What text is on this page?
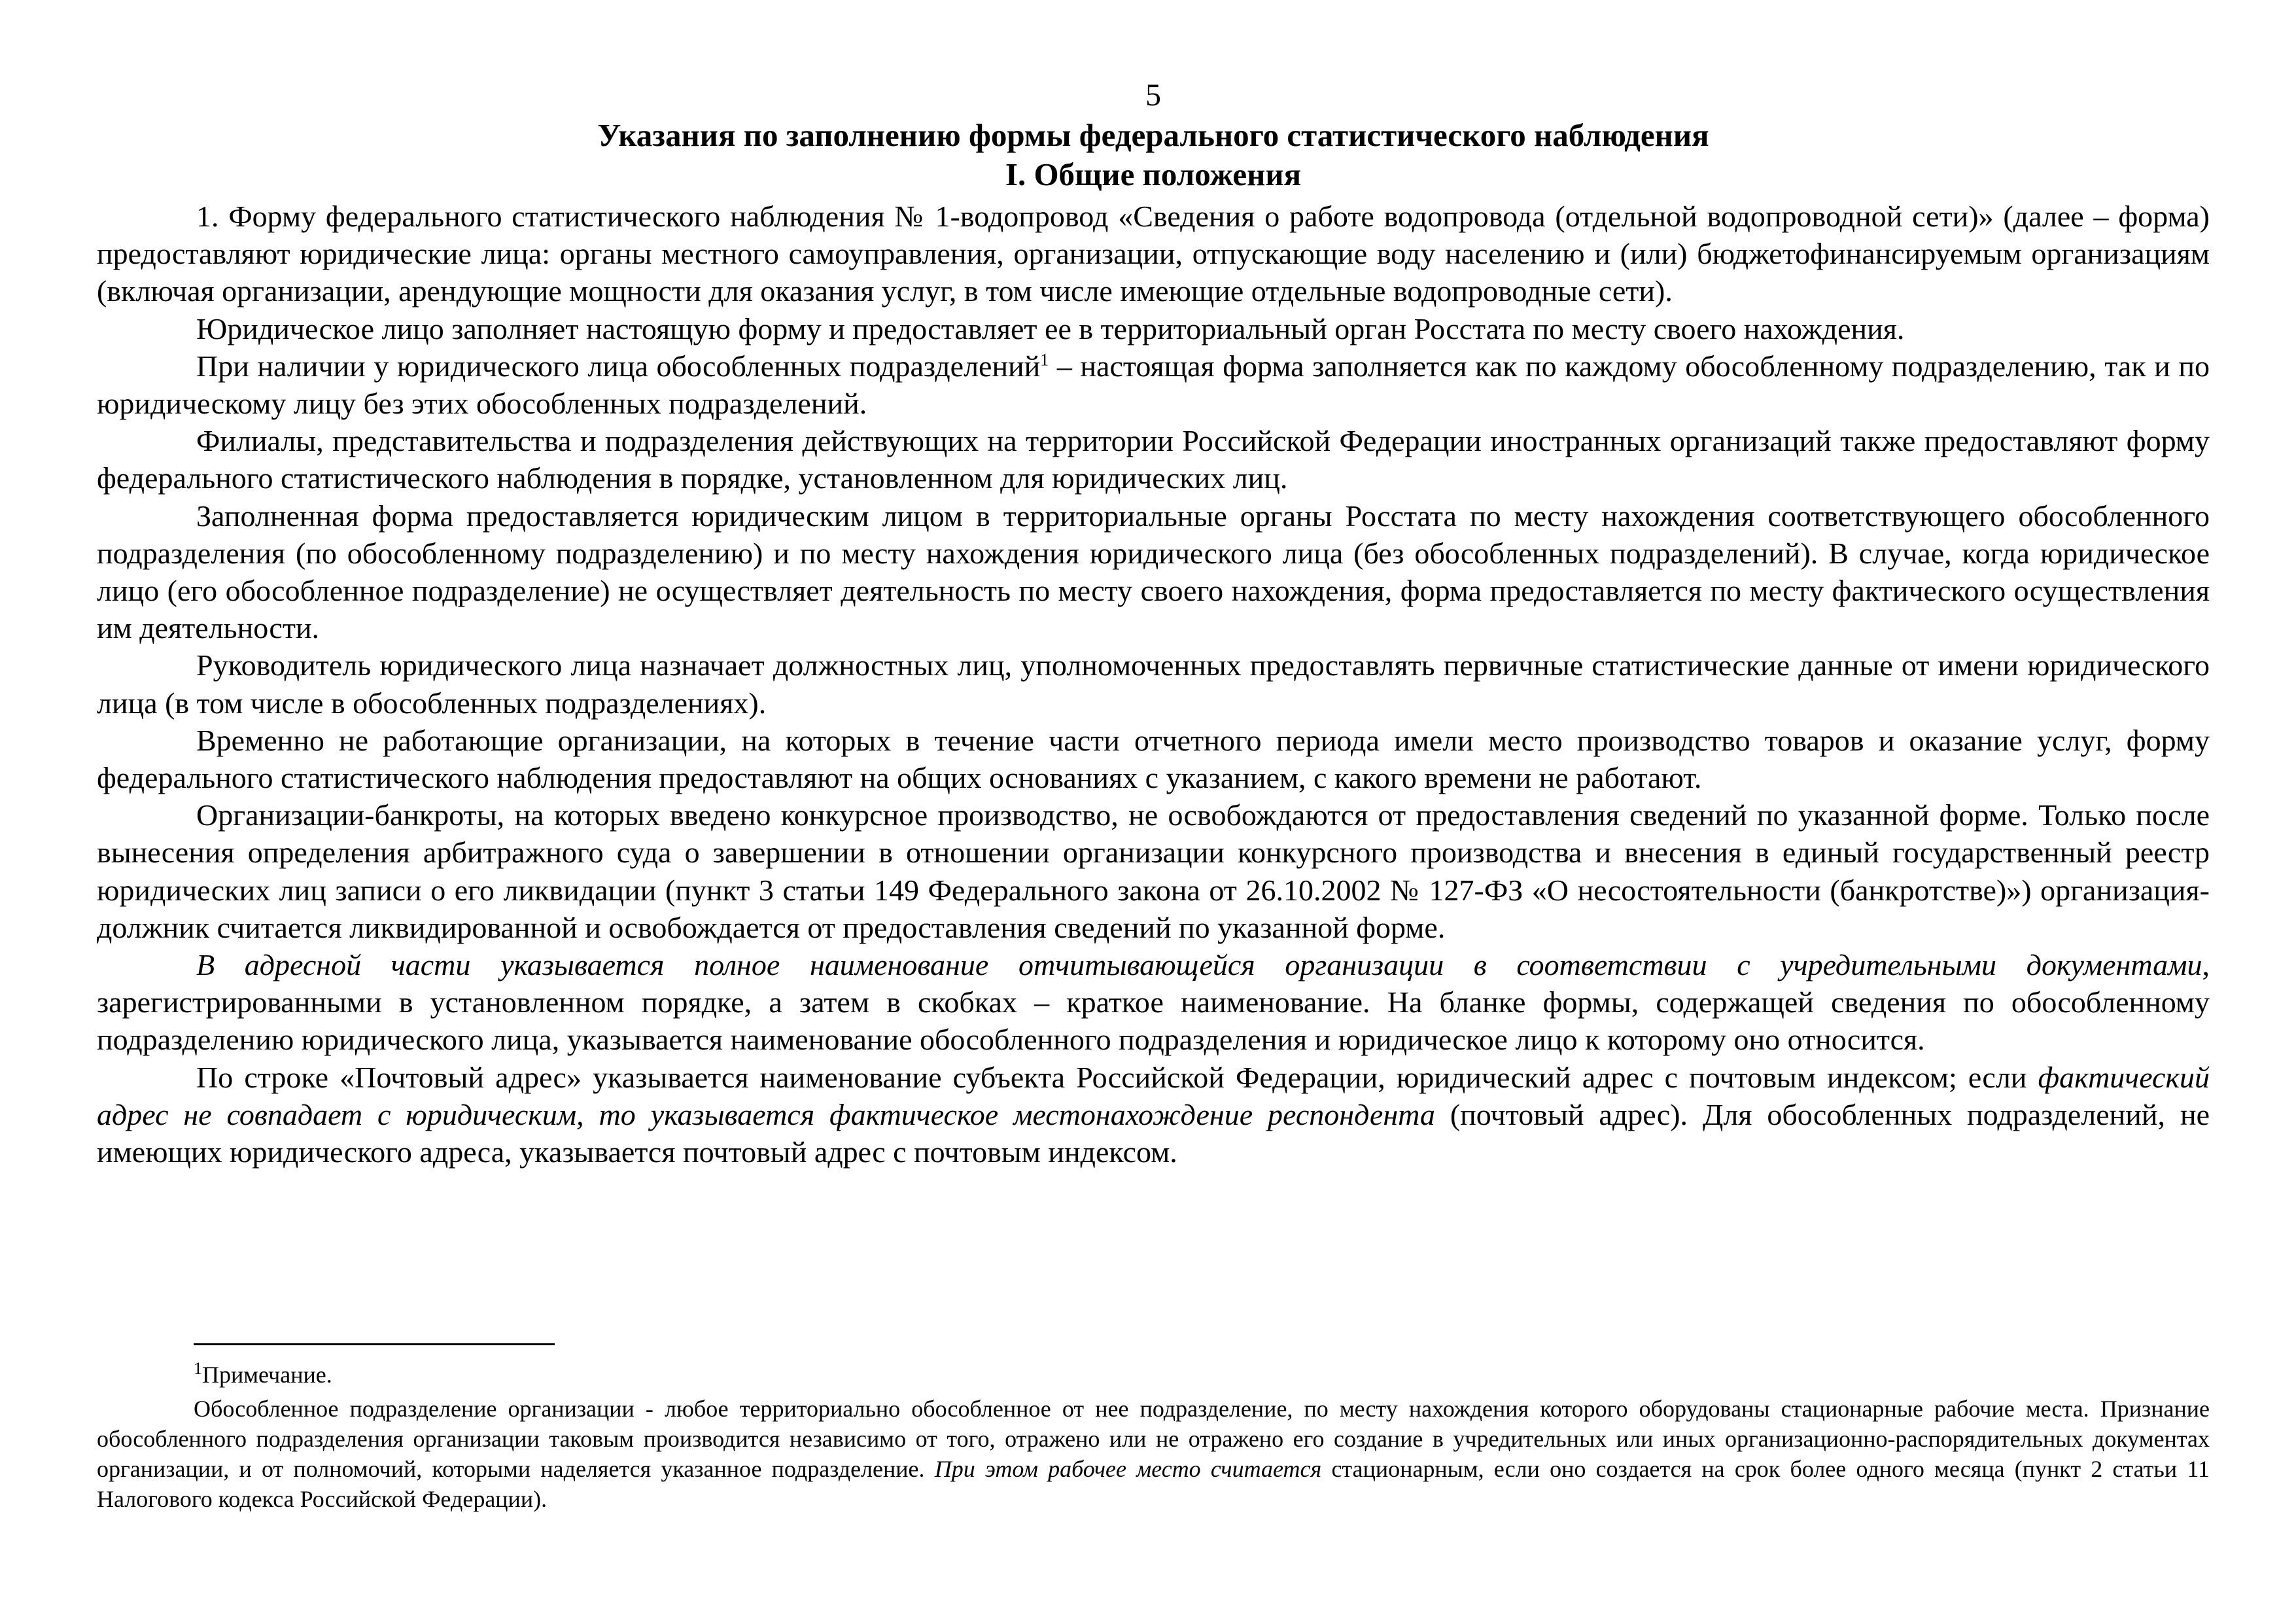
5
Указания по заполнению формы федерального статистического наблюдения
I. Общие положения

1. Форму федерального статистического наблюдения № 1-водопровод «Сведения о работе водопровода (отдельной водопроводной сети)» (далее – форма) предоставляют юридические лица: органы местного самоуправления, организации, отпускающие воду населению и (или) бюджетофинансируемым организациям (включая организации, арендующие мощности для оказания услуг, в том числе имеющие отдельные водопроводные сети).

Юридическое лицо заполняет настоящую форму и предоставляет ее в территориальный орган Росстата по месту своего нахождения.

При наличии у юридического лица обособленных подразделений$^1$ – настоящая форма заполняется как по каждому обособленному подразделению, так и по юридическому лицу без этих обособленных подразделений.

Филиалы, представительства и подразделения действующих на территории Российской Федерации иностранных организаций также предоставляют форму федерального статистического наблюдения в порядке, установленном для юридических лиц.

Заполненная форма предоставляется юридическим лицом в территориальные органы Росстата по месту нахождения соответствующего обособленного подразделения (по обособленному подразделению) и по месту нахождения юридического лица (без обособленных подразделений). В случае, когда юридическое лицо (его обособленное подразделение) не осуществляет деятельность по месту своего нахождения, форма предоставляется по месту фактического осуществления им деятельности.

Руководитель юридического лица назначает должностных лиц, уполномоченных предоставлять первичные статистические данные от имени юридического лица (в том числе в обособленных подразделениях).

Временно не работающие организации, на которых в течение части отчетного периода имели место производство товаров и оказание услуг, форму федерального статистического наблюдения предоставляют на общих основаниях с указанием, с какого времени не работают.

Организации-банкроты, на которых введено конкурсное производство, не освобождаются от предоставления сведений по указанной форме. Только после вынесения определения арбитражного суда о завершении в отношении организации конкурсного производства и внесения в единый государственный реестр юридических лиц записи о его ликвидации (пункт 3 статьи 149 Федерального закона от 26.10.2002 № 127-ФЗ «О несостоятельности (банкротстве)») организация-должник считается ликвидированной и освобождается от предоставления сведений по указанной форме.

В адресной части указывается полное наименование отчитывающейся организации в соответствии с учредительными документами, зарегистрированными в установленном порядке, а затем в скобках – краткое наименование. На бланке формы, содержащей сведения по обособленному подразделению юридического лица, указывается наименование обособленного подразделения и юридическое лицо к которому оно относится.

По строке «Почтовый адрес» указывается наименование субъекта Российской Федерации, юридический адрес с почтовым индексом; если фактический адрес не совпадает с юридическим, то указывается фактическое местонахождение респондента (почтовый адрес). Для обособленных подразделений, не имеющих юридического адреса, указывается почтовый адрес с почтовым индексом.

$^1$Примечание.

Обособленное подразделение организации - любое территориально обособленное от нее подразделение, по месту нахождения которого оборудованы стационарные рабочие места. Признание обособленного подразделения организации таковым производится независимо от того, отражено или не отражено его создание в учредительных или иных организационно-распорядительных документах организации, и от полномочий, которыми наделяется указанное подразделение. При этом рабочее место считается стационарным, если оно создается на срок более одного месяца (пункт 2 статьи 11 Налогового кодекса Российской Федерации).
